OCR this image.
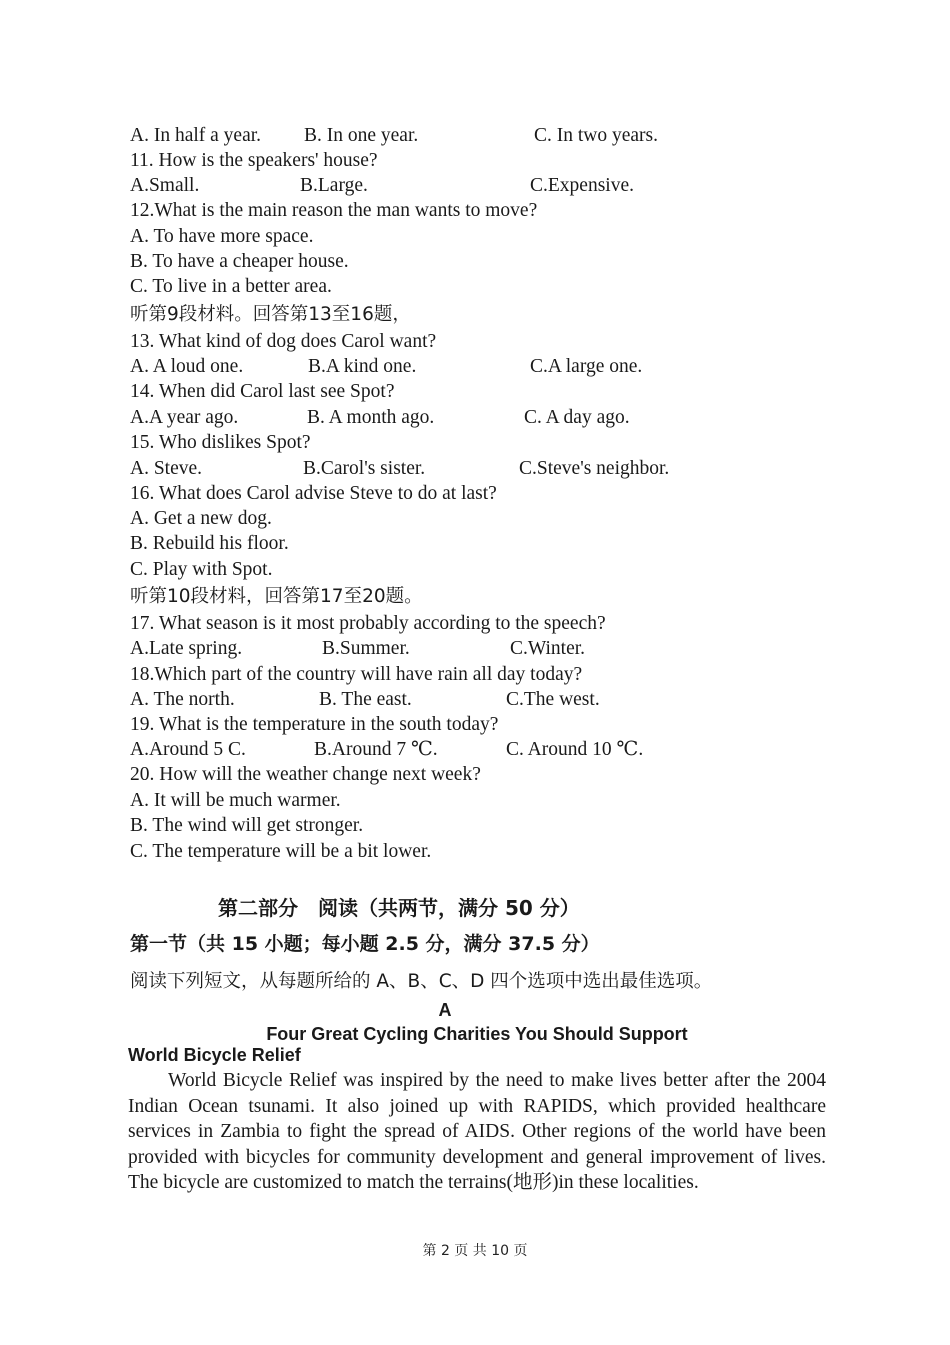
A. In half a year. B. In one year.	C. In two years.
11. How is the speakers' house?
A.Small.	B.Large.	C.Expensive.
12.What is the main reason the man wants to move?
A. To have more space.
B. To have a cheaper house.
C. To live in a better area.
听第9段材料。回答第13至16题，
13. What kind of dog does Carol want?
A. A loud one.	B.A kind one.	C.A large one.
14. When did Carol last see Spot?
A.A year ago.	B. A month ago.	C. A day ago.
15. Who dislikes Spot?
A. Steve.	B.Carol's sister.	C.Steve's neighbor.
16. What does Carol advise Steve to do at last?
A. Get a new dog.
B. Rebuild his floor.
C. Play with Spot.
听第10段材料，回答第17至20题。
17. What season is it most probably according to the speech?
A.Late spring.	B.Summer.	C.Winter.
18.Which part of the country will have rain all day today?
A. The north.	B. The east.	C.The west.
19. What is the temperature in the south today?
A.Around 5 C.	B.Around 7 ℃.	C. Around 10 ℃.
20. How will the weather change next week?
A. It will be much warmer.
B. The wind will get stronger.
C. The temperature will be a bit lower.
第二部分　阅读（共两节，满分 50 分）
第一节（共 15 小题；每小题 2.5 分，满分 37.5 分）
阅读下列短文，从每题所给的 A、B、C、D 四个选项中选出最佳选项。
A
Four Great Cycling Charities You Should Support
World Bicycle Relief
World Bicycle Relief was inspired by the need to make lives better after the 2004 Indian Ocean tsunami. It also joined up with RAPIDS, which provided healthcare services in Zambia to fight the spread of AIDS. Other regions of the world have been provided with bicycles for community development and general improvement of lives. The bicycle are customized to match the terrains(地形)in these localities.
第 2 页 共 10 页
